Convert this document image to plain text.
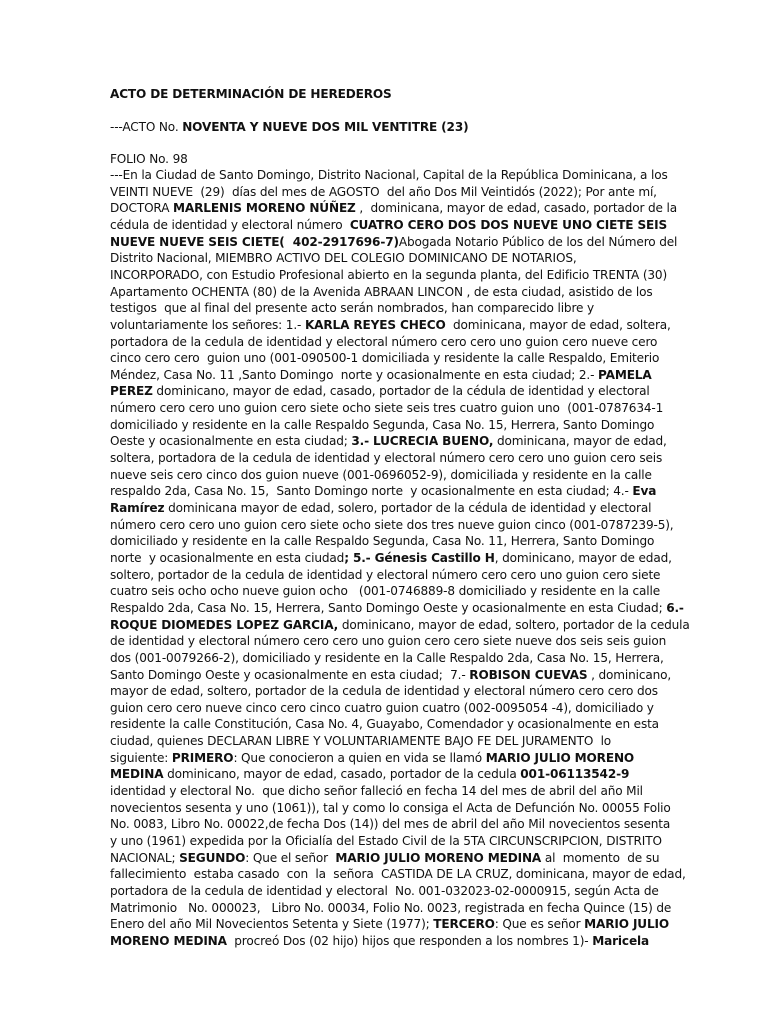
ACTO DE DETERMINACIÓN DE HEREDEROS
---ACTO No. NOVENTA Y NUEVE DOS MIL VENTITRE (23)
FOLIO No. 98
---En la Ciudad de Santo Domingo, Distrito Nacional, Capital de la República Dominicana, a los
VEINTI NUEVE  (29)  días del mes de AGOSTO  del año Dos Mil Veintidós (2022); Por ante mí,
DOCTORA MARLENIS MORENO NÚÑEZ ,  dominicana, mayor de edad, casado, portador de la
cédula de identidad y electoral número  CUATRO CERO DOS DOS NUEVE UNO CIETE SEIS
NUEVE NUEVE SEIS CIETE(  402-2917696-7)Abogada Notario Público de los del Número del
Distrito Nacional, MIEMBRO ACTIVO DEL COLEGIO DOMINICANO DE NOTARIOS,
INCORPORADO, con Estudio Profesional abierto en la segunda planta, del Edificio TRENTA (30)
Apartamento OCHENTA (80) de la Avenida ABRAAN LINCON , de esta ciudad, asistido de los
testigos  que al final del presente acto serán nombrados, han comparecido libre y
voluntariamente los señores: 1.- KARLA REYES CHECO  dominicana, mayor de edad, soltera,
portadora de la cedula de identidad y electoral número cero cero uno guion cero nueve cero
cinco cero cero  guion uno (001-090500-1 domiciliada y residente la calle Respaldo, Emiterio
Méndez, Casa No. 11 ,Santo Domingo  norte y ocasionalmente en esta ciudad; 2.- PAMELA
PEREZ dominicano, mayor de edad, casado, portador de la cédula de identidad y electoral
número cero cero uno guion cero siete ocho siete seis tres cuatro guion uno  (001-0787634-1
domiciliado y residente en la calle Respaldo Segunda, Casa No. 15, Herrera, Santo Domingo
Oeste y ocasionalmente en esta ciudad; 3.- LUCRECIA BUENO, dominicana, mayor de edad,
soltera, portadora de la cedula de identidad y electoral número cero cero uno guion cero seis
nueve seis cero cinco dos guion nueve (001-0696052-9), domiciliada y residente en la calle
respaldo 2da, Casa No. 15,  Santo Domingo norte  y ocasionalmente en esta ciudad; 4.- Eva
Ramírez dominicana mayor de edad, solero, portador de la cédula de identidad y electoral
número cero cero uno guion cero siete ocho siete dos tres nueve guion cinco (001-0787239-5),
domiciliado y residente en la calle Respaldo Segunda, Casa No. 11, Herrera, Santo Domingo
norte  y ocasionalmente en esta ciudad; 5.- Génesis Castillo H, dominicano, mayor de edad,
soltero, portador de la cedula de identidad y electoral número cero cero uno guion cero siete
cuatro seis ocho ocho nueve guion ocho   (001-0746889-8 domiciliado y residente en la calle
Respaldo 2da, Casa No. 15, Herrera, Santo Domingo Oeste y ocasionalmente en esta Ciudad; 6.-
ROQUE DIOMEDES LOPEZ GARCIA, dominicano, mayor de edad, soltero, portador de la cedula
de identidad y electoral número cero cero uno guion cero cero siete nueve dos seis seis guion
dos (001-0079266-2), domiciliado y residente en la Calle Respaldo 2da, Casa No. 15, Herrera,
Santo Domingo Oeste y ocasionalmente en esta ciudad;  7.- ROBISON CUEVAS , dominicano,
mayor de edad, soltero, portador de la cedula de identidad y electoral número cero cero dos
guion cero cero nueve cinco cero cinco cuatro guion cuatro (002-0095054 -4), domiciliado y
residente la calle Constitución, Casa No. 4, Guayabo, Comendador y ocasionalmente en esta
ciudad, quienes DECLARAN LIBRE Y VOLUNTARIAMENTE BAJO FE DEL JURAMENTO  lo
siguiente: PRIMERO: Que conocieron a quien en vida se llamó MARIO JULIO MORENO
MEDINA dominicano, mayor de edad, casado, portador de la cedula 001-06113542-9
identidad y electoral No.  que dicho señor falleció en fecha 14 del mes de abril del año Mil
novecientos sesenta y uno (1061)), tal y como lo consiga el Acta de Defunción No. 00055 Folio
No. 0083, Libro No. 00022,de fecha Dos (14)) del mes de abril del año Mil novecientos sesenta
y uno (1961) expedida por la Oficialía del Estado Civil de la 5TA CIRCUNSCRIPCION, DISTRITO
NACIONAL; SEGUNDO: Que el señor  MARIO JULIO MORENO MEDINA al  momento  de su
fallecimiento  estaba casado  con  la  señora  CASTIDA DE LA CRUZ, dominicana, mayor de edad,
portadora de la cedula de identidad y electoral  No. 001-032023-02-0000915, según Acta de
Matrimonio   No. 000023,   Libro No. 00034, Folio No. 0023, registrada en fecha Quince (15) de
Enero del año Mil Novecientos Setenta y Siete (1977); TERCERO: Que es señor MARIO JULIO
MORENO MEDINA  procreó Dos (02 hijo) hijos que responden a los nombres 1)- Maricela
